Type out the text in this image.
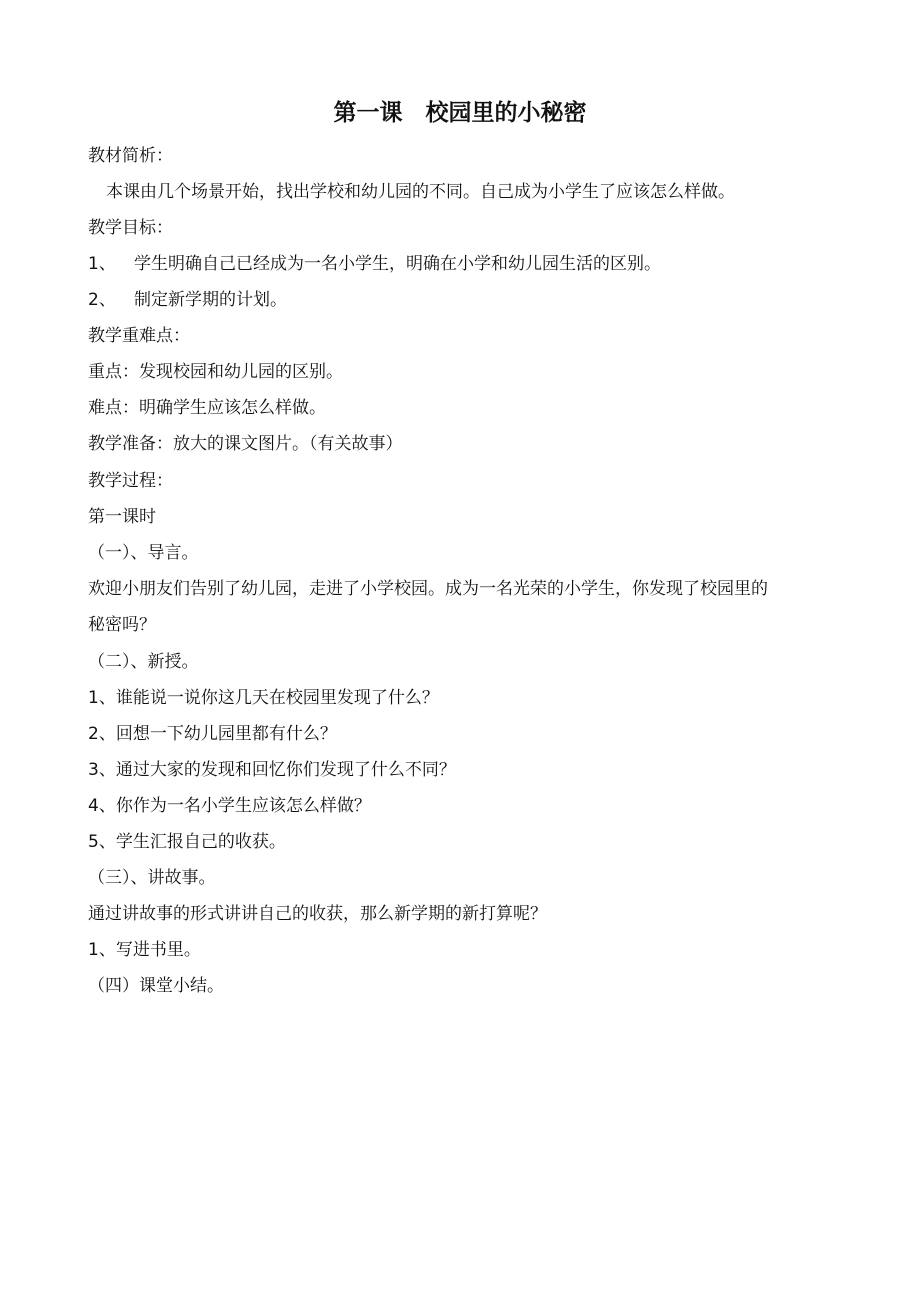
第一课　校园里的小秘密
教材简析：
本课由几个场景开始，找出学校和幼儿园的不同。自己成为小学生了应该怎么样做。
教学目标：
1、 学生明确自己已经成为一名小学生，明确在小学和幼儿园生活的区别。
2、 制定新学期的计划。
教学重难点：
重点：发现校园和幼儿园的区别。
难点：明确学生应该怎么样做。
教学准备：放大的课文图片。（有关故事）
教学过程：
第一课时
（一）、导言。
欢迎小朋友们告别了幼儿园，走进了小学校园。成为一名光荣的小学生，你发现了校园里的
秘密吗？
（二）、新授。
1、谁能说一说你这几天在校园里发现了什么？
2、回想一下幼儿园里都有什么？
3、通过大家的发现和回忆你们发现了什么不同？
4、你作为一名小学生应该怎么样做？
5、学生汇报自己的收获。
（三）、讲故事。
通过讲故事的形式讲讲自己的收获，那么新学期的新打算呢？
1、写进书里。
（四）课堂小结。
